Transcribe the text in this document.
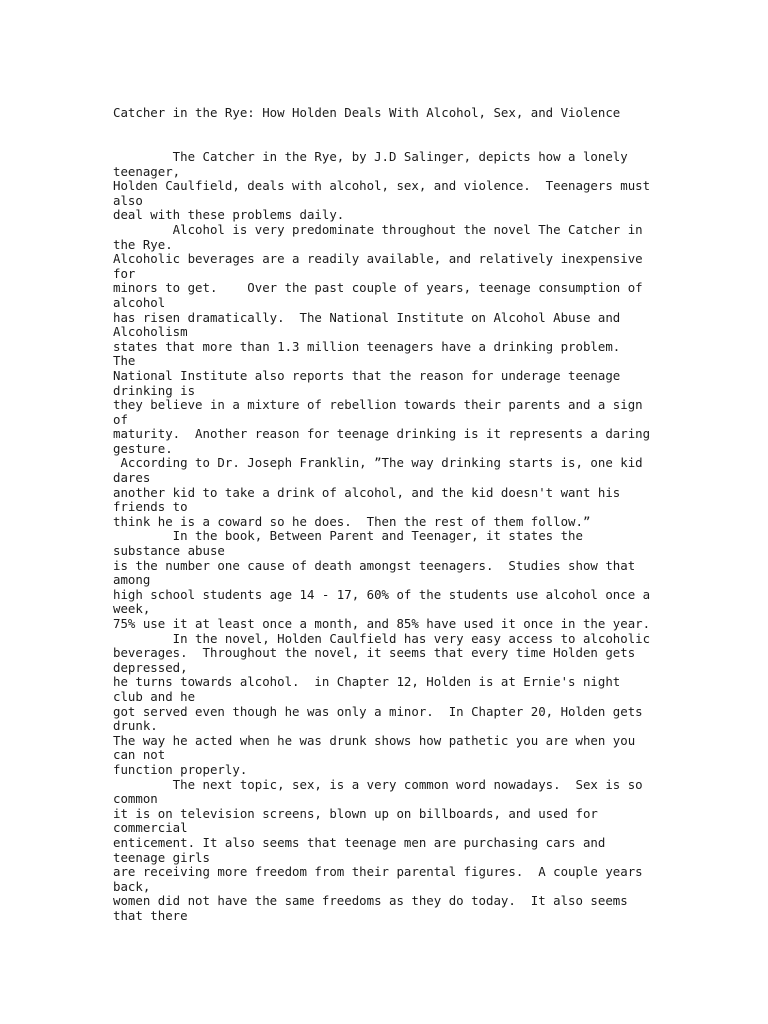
Catcher in the Rye: How Holden Deals With Alcohol, Sex, and Violence
The Catcher in the Rye, by J.D Salinger, depicts how a lonely
teenager,
Holden Caulfield, deals with alcohol, sex, and violence.  Teenagers must
also
deal with these problems daily.
Alcohol is very predominate throughout the novel The Catcher in
the Rye.
Alcoholic beverages are a readily available, and relatively inexpensive
for
minors to get.    Over the past couple of years, teenage consumption of
alcohol
has risen dramatically.  The National Institute on Alcohol Abuse and
Alcoholism
states that more than 1.3 million teenagers have a drinking problem.
The
National Institute also reports that the reason for underage teenage
drinking is
they believe in a mixture of rebellion towards their parents and a sign
of
maturity.  Another reason for teenage drinking is it represents a daring
gesture.
According to Dr. Joseph Franklin, ”The way drinking starts is, one kid
dares
another kid to take a drink of alcohol, and the kid doesn't want his
friends to
think he is a coward so he does.  Then the rest of them follow.”
In the book, Between Parent and Teenager, it states the
substance abuse
is the number one cause of death amongst teenagers.  Studies show that
among
high school students age 14 - 17, 60% of the students use alcohol once a
week,
75% use it at least once a month, and 85% have used it once in the year.
In the novel, Holden Caulfield has very easy access to alcoholic
beverages.  Throughout the novel, it seems that every time Holden gets
depressed,
he turns towards alcohol.  in Chapter 12, Holden is at Ernie's night
club and he
got served even though he was only a minor.  In Chapter 20, Holden gets
drunk.
The way he acted when he was drunk shows how pathetic you are when you
can not
function properly.
The next topic, sex, is a very common word nowadays.  Sex is so
common
it is on television screens, blown up on billboards, and used for
commercial
enticement. It also seems that teenage men are purchasing cars and
teenage girls
are receiving more freedom from their parental figures.  A couple years
back,
women did not have the same freedoms as they do today.  It also seems
that there
